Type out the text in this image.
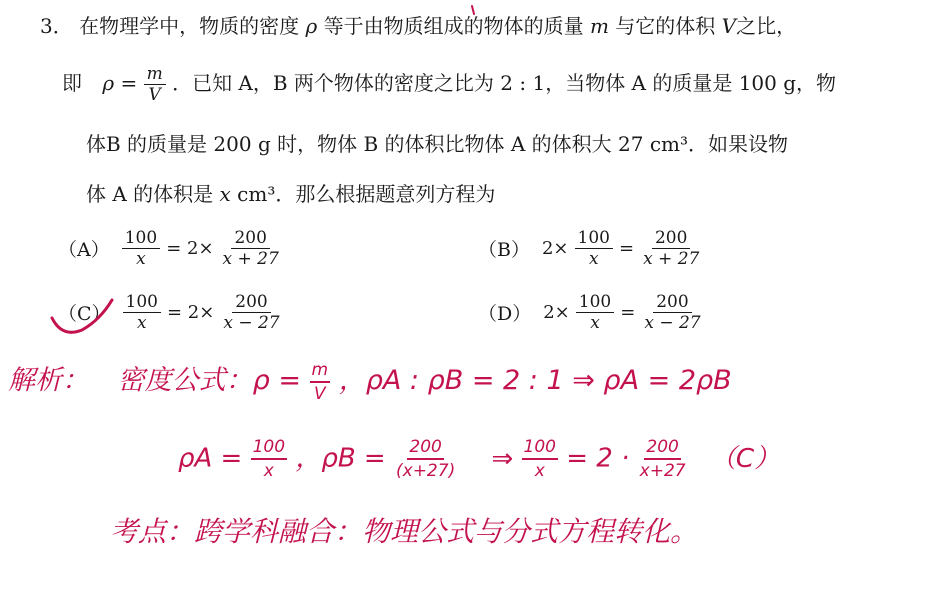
3． 在物理学中，物质的密度 ρ 等于由物质组成的物体的质量 m 与它的体积 V之比，
即 $\rho = \frac{m}{V}$ ．已知 A，B 两个物体的密度之比为 2 : 1，当物体 A 的质量是 100 g，物
体B 的质量是 200 g 时，物体 B 的体积比物体 A 的体积大 27 cm³．如果设物
体 A 的体积是 x cm³．那么根据题意列方程为
$(A) \frac{100}{x} = 2\times \frac{200}{x + 27}$	（B） $2\times \frac{100}{x} = \frac{200}{x + 27}$
$(C) \frac{100}{x} = 2\times \frac{200}{x - 27}$	（D） $2\times \frac{100}{x} = \frac{200}{x - 27}$
解析： 密度公式：$\rho = \frac{m}{V}$ ，ρA : ρB = 2 : 1 ⇒ ρA = 2ρB
$\rho A = \frac{100}{x}$ ，$\rho B = \frac{200}{(x+27)}$ ⇒ $\frac{100}{x} = 2 \cdot \frac{200}{x+27} (C)$
考点：跨学科融合：物理公式与分式方程转化。
